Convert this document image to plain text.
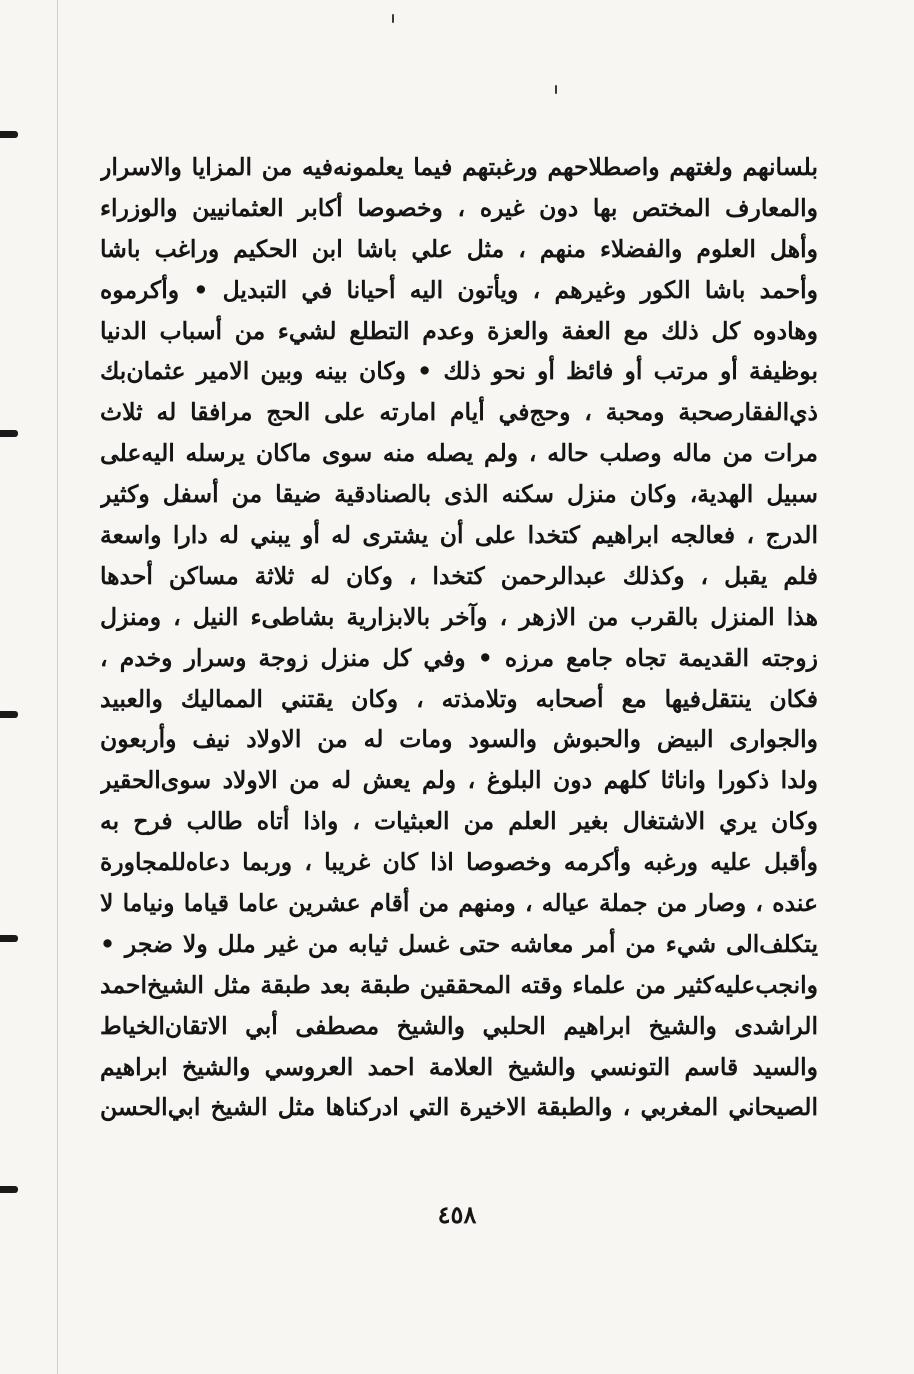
بلسانهم ولغتهم واصطلاحهم ورغبتهم فيما يعلمونه‌فيه من المزايا والاسرار
والمعارف المختص بها دون غيره ، وخصوصا أكابر العثمانيين والوزراء
وأهل العلوم والفضلاء منهم ، مثل علي باشا ابن الحكيم وراغب باشا
وأحمد باشا الكور وغيرهم ، ويأتون اليه أحيانا في التبديل • وأكرموه
وهادوه كل ذلك مع العفة والعزة وعدم التطلع لشيء من أسباب الدنيا
بوظيفة أو مرتب أو فائظ أو نحو ذلك • وكان بينه وبين الامير عثمان‌بك
ذي‌الفقارصحبة ومحبة ، وحج‌في أيام امارته على الحج مرافقا له ثلاث
مرات من ماله وصلب حاله ، ولم يصله منه سوى ماكان يرسله اليه‌على
سبيل الهدية، وكان منزل سكنه الذى بالصنادقية ضيقا من أسفل وكثير
الدرج ، فعالجه ابراهيم كتخدا على أن يشترى له أو يبني له دارا واسعة
فلم يقبل ، وكذلك عبدالرحمن كتخدا ، وكان له ثلاثة مساكن أحدها
هذا المنزل بالقرب من الازهر ، وآخر بالابزارية بشاطىء النيل ، ومنزل
زوجته القديمة تجاه جامع مرزه • وفي كل منزل زوجة وسرار وخدم ،
فكان ينتقل‌فيها مع أصحابه وتلامذته ، وكان يقتني المماليك والعبيد
والجوارى البيض والحبوش والسود ومات له من الاولاد نيف وأربعون
ولدا ذكورا واناثا كلهم دون البلوغ ، ولم يعش له من الاولاد سوى‌الحقير
وكان يري الاشتغال بغير العلم من العبثيات ، واذا أتاه طالب فرح به
وأقبل عليه ورغبه وأكرمه وخصوصا اذا كان غريبا ، وربما دعاه‌للمجاورة
عنده ، وصار من جملة عياله ، ومنهم من أقام عشرين عاما قياما ونياما لا
يتكلف‌الى شيء من أمر معاشه حتى غسل ثيابه من غير ملل ولا ضجر •
وانجب‌عليه‌كثير من علماء وقته المحققين طبقة بعد طبقة مثل الشيخ‌احمد
الراشدى والشيخ ابراهيم الحلبي والشيخ مصطفى أبي الاتقان‌الخياط
والسيد قاسم التونسي والشيخ العلامة احمد العروسي والشيخ ابراهيم
الصيحاني المغربي ، والطبقة الاخيرة التي ادركناها مثل الشيخ ابي‌الحسن
٤٥٨
